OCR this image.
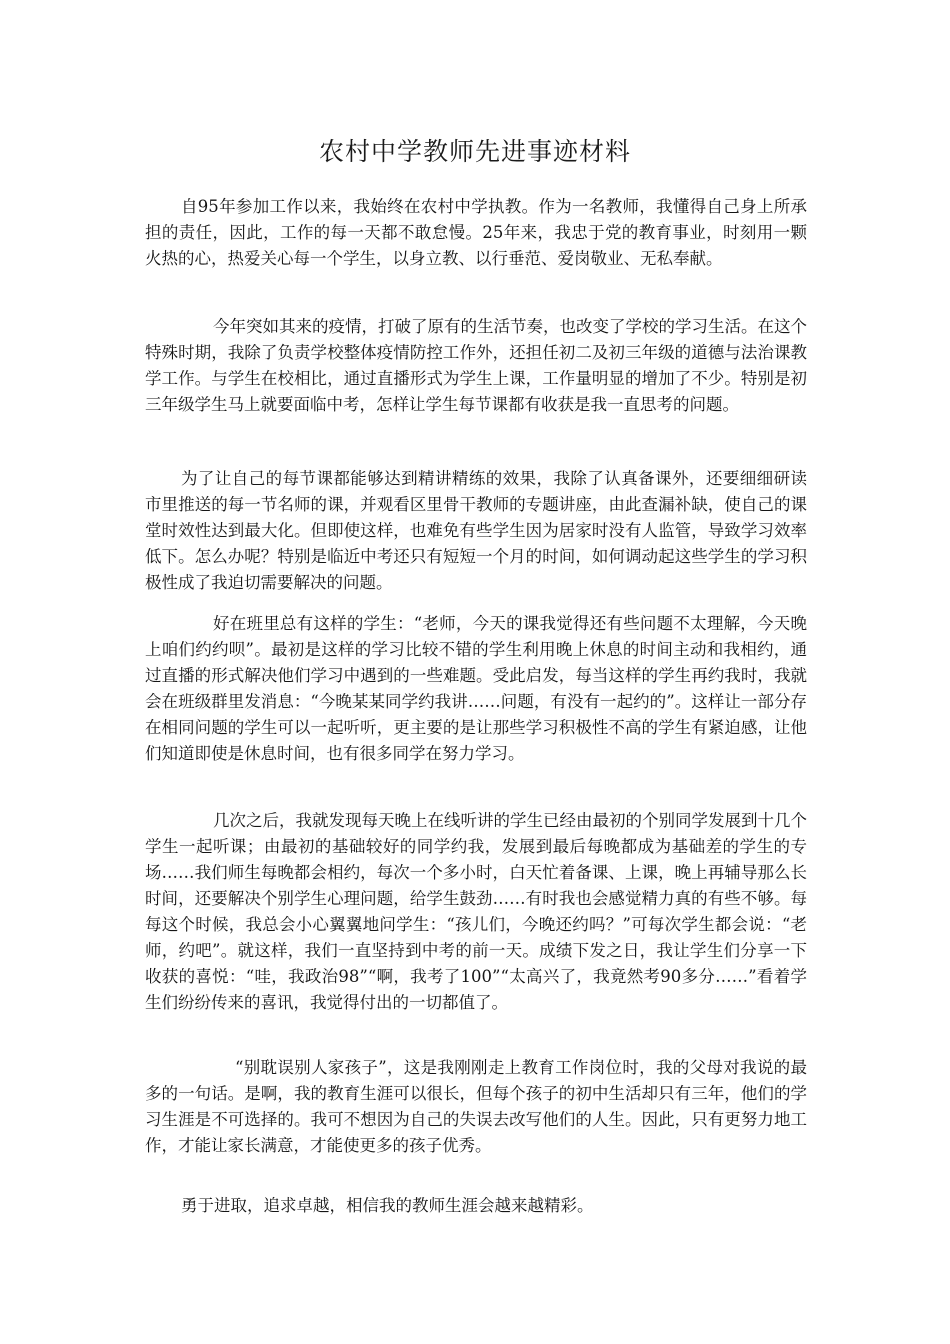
农村中学教师先进事迹材料

自95年参加工作以来，我始终在农村中学执教。作为一名教师，我懂得自己身上所承担的责任，因此，工作的每一天都不敢怠慢。25年来，我忠于党的教育事业，时刻用一颗火热的心，热爱关心每一个学生，以身立教、以行垂范、爱岗敬业、无私奉献。

今年突如其来的疫情，打破了原有的生活节奏，也改变了学校的学习生活。在这个特殊时期，我除了负责学校整体疫情防控工作外，还担任初二及初三年级的道德与法治课教学工作。与学生在校相比，通过直播形式为学生上课，工作量明显的增加了不少。特别是初三年级学生马上就要面临中考，怎样让学生每节课都有收获是我一直思考的问题。

为了让自己的每节课都能够达到精讲精练的效果，我除了认真备课外，还要细细研读市里推送的每一节名师的课，并观看区里骨干教师的专题讲座，由此查漏补缺，使自己的课堂时效性达到最大化。但即使这样，也难免有些学生因为居家时没有人监管，导致学习效率低下。怎么办呢？特别是临近中考还只有短短一个月的时间，如何调动起这些学生的学习积极性成了我迫切需要解决的问题。

好在班里总有这样的学生：“老师，今天的课我觉得还有些问题不太理解，今天晚上咱们约约呗”。最初是这样的学习比较不错的学生利用晚上休息的时间主动和我相约，通过直播的形式解决他们学习中遇到的一些难题。受此启发，每当这样的学生再约我时，我就会在班级群里发消息：“今晚某某同学约我讲……问题，有没有一起约的”。这样让一部分存在相同问题的学生可以一起听听，更主要的是让那些学习积极性不高的学生有紧迫感，让他们知道即使是休息时间，也有很多同学在努力学习。

几次之后，我就发现每天晚上在线听讲的学生已经由最初的个别同学发展到十几个学生一起听课；由最初的基础较好的同学约我，发展到最后每晚都成为基础差的学生的专场……我们师生每晚都会相约，每次一个多小时，白天忙着备课、上课，晚上再辅导那么长时间，还要解决个别学生心理问题，给学生鼓劲……有时我也会感觉精力真的有些不够。每每这个时候，我总会小心翼翼地问学生：“孩儿们，今晚还约吗？”可每次学生都会说：“老师，约吧”。就这样，我们一直坚持到中考的前一天。成绩下发之日，我让学生们分享一下收获的喜悦：“哇，我政治98”“啊，我考了100”“太高兴了，我竟然考90多分……”看着学生们纷纷传来的喜讯，我觉得付出的一切都值了。

“别耽误别人家孩子”，这是我刚刚走上教育工作岗位时，我的父母对我说的最多的一句话。是啊，我的教育生涯可以很长，但每个孩子的初中生活却只有三年，他们的学习生涯是不可选择的。我可不想因为自己的失误去改写他们的人生。因此，只有更努力地工作，才能让家长满意，才能使更多的孩子优秀。

勇于进取，追求卓越，相信我的教师生涯会越来越精彩。
